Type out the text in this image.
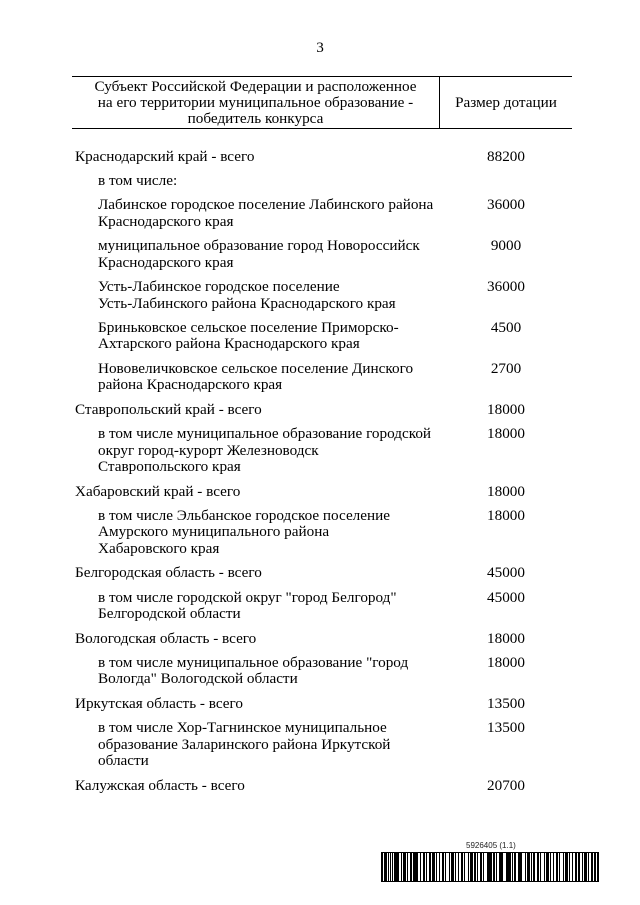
3
Субъект Российской Федерации и расположенное
на его территории муниципальное образование -
победитель конкурса
Размер дотации
Краснодарский край - всего	88200
в том числе:
Лабинское городское поселение Лабинского района
Краснодарского края
36000
муниципальное образование город Новороссийск
Краснодарского края
9000
Усть-Лабинское городское поселение
Усть-Лабинского района Краснодарского края
36000
Бриньковское сельское поселение Приморско-
Ахтарского района Краснодарского края
4500
Нововеличковское сельское поселение Динского
района Краснодарского края
2700
Ставропольский край - всего	18000
в том числе муниципальное образование городской
округ город-курорт Железноводск
Ставропольского края
18000
Хабаровский край - всего	18000
в том числе Эльбанское городское поселение
Амурского муниципального района
Хабаровского края
18000
Белгородская область - всего	45000
в том числе городской округ "город Белгород"
Белгородской области
45000
Вологодская область - всего	18000
в том числе муниципальное образование "город
Вологда" Вологодской области
18000
Иркутская область - всего	13500
в том числе Хор-Тагнинское муниципальное
образование Заларинского района Иркутской
области
13500
Калужская область - всего	20700
5926405 (1.1)
